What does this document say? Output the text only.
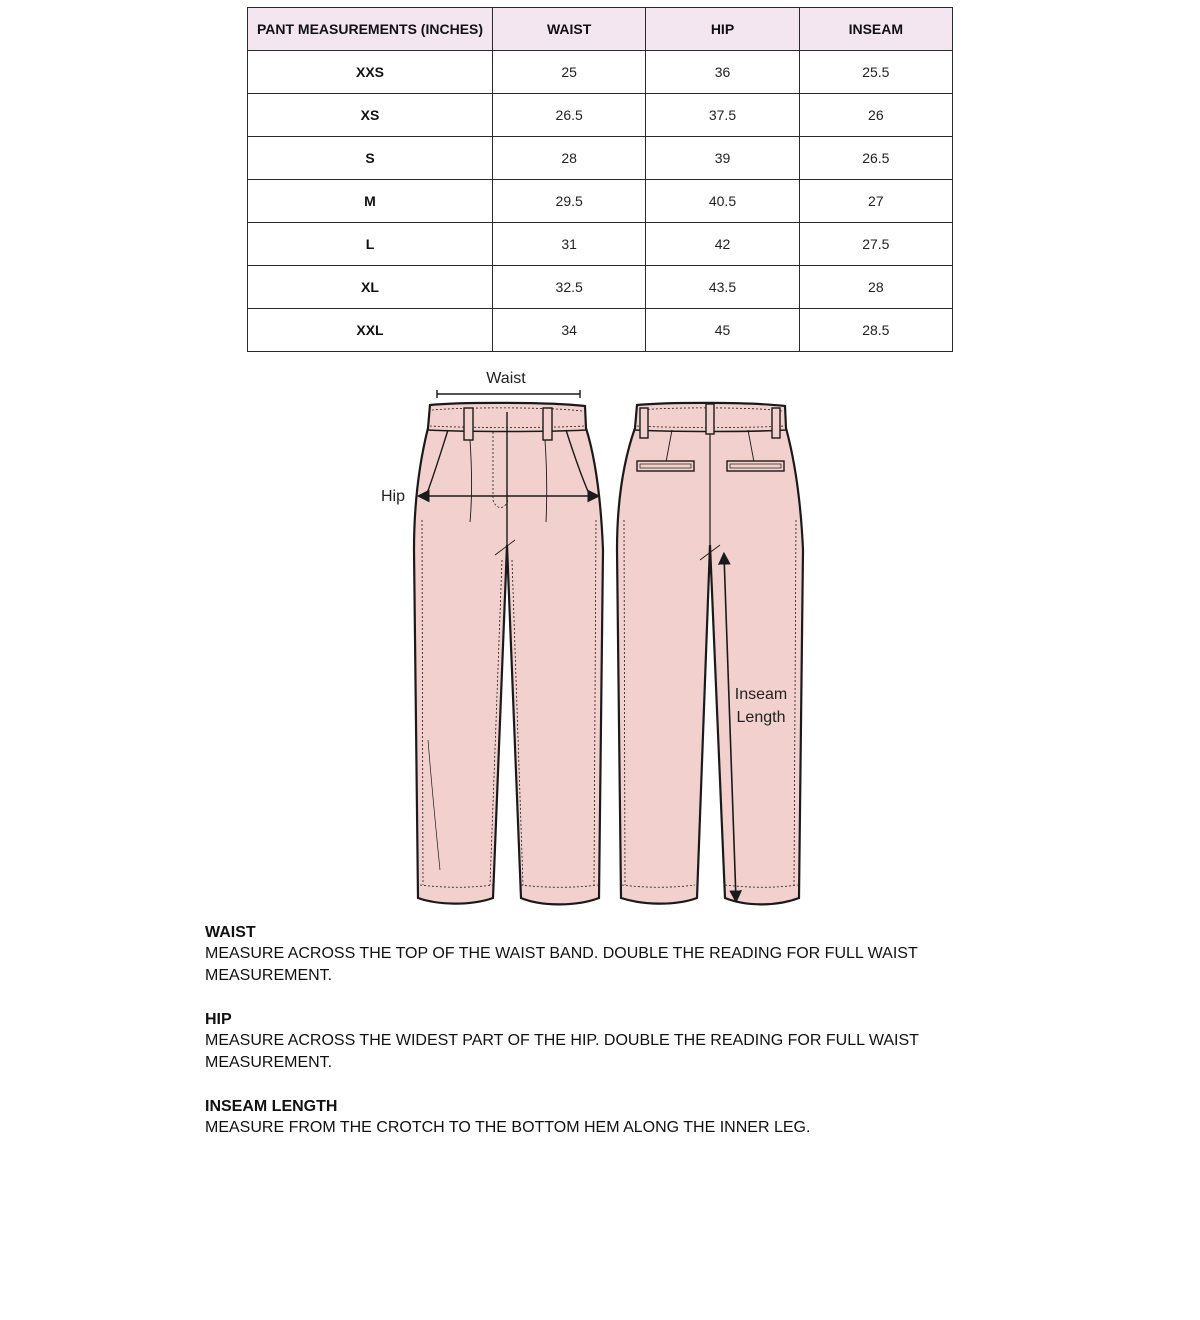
PANT MEASUREMENTS (INCHES)	WAIST	HIP	INSEAM
XXS	25	36	25.5
XS	26.5	37.5	26
S	28	39	26.5
M	29.5	40.5	27
L	31	42	27.5
XL	32.5	43.5	28
XXL	34	45	28.5
Waist
Hip
Inseam
Length
WAIST
MEASURE ACROSS THE TOP OF THE WAIST BAND. DOUBLE THE READING FOR FULL WAIST MEASUREMENT.
HIP
MEASURE ACROSS THE WIDEST PART OF THE HIP. DOUBLE THE READING FOR FULL WAIST MEASUREMENT.
INSEAM LENGTH
MEASURE FROM THE CROTCH TO THE BOTTOM HEM ALONG THE INNER LEG.
